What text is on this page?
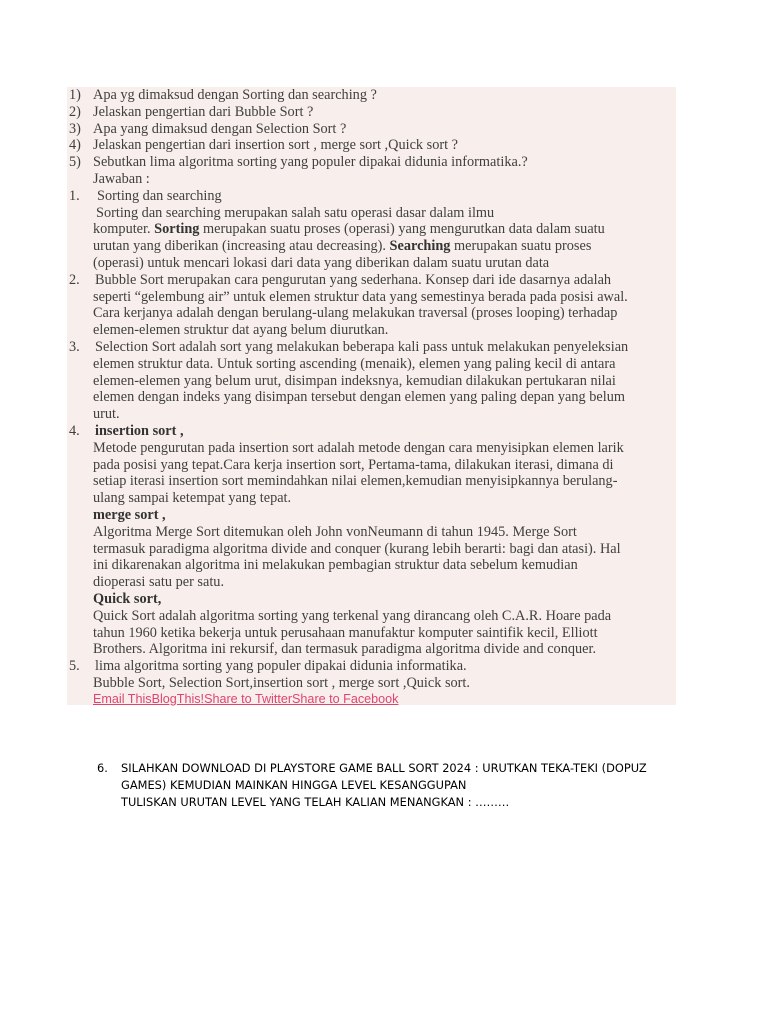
1) Apa yg dimaksud dengan Sorting dan searching ?
2) Jelaskan pengertian dari Bubble Sort ?
3) Apa yang dimaksud dengan Selection Sort ?
4) Jelaskan pengertian dari insertion sort , merge sort ,Quick sort ?
5) Sebutkan lima algoritma sorting yang populer dipakai didunia informatika.?
Jawaban :
1. Sorting dan searching
Sorting dan searching merupakan salah satu operasi dasar dalam ilmu
komputer. Sorting merupakan suatu proses (operasi) yang mengurutkan data dalam suatu
urutan yang diberikan (increasing atau decreasing). Searching merupakan suatu proses
(operasi) untuk mencari lokasi dari data yang diberikan dalam suatu urutan data
2. Bubble Sort merupakan cara pengurutan yang sederhana. Konsep dari ide dasarnya adalah
seperti “gelembung air” untuk elemen struktur data yang semestinya berada pada posisi awal.
Cara kerjanya adalah dengan berulang-ulang melakukan traversal (proses looping) terhadap
elemen-elemen struktur dat ayang belum diurutkan.
3. Selection Sort adalah sort yang melakukan beberapa kali pass untuk melakukan penyeleksian
elemen struktur data. Untuk sorting ascending (menaik), elemen yang paling kecil di antara
elemen-elemen yang belum urut, disimpan indeksnya, kemudian dilakukan pertukaran nilai
elemen dengan indeks yang disimpan tersebut dengan elemen yang paling depan yang belum
urut.
4. insertion sort ,
Metode pengurutan pada insertion sort adalah metode dengan cara menyisipkan elemen larik
pada posisi yang tepat.Cara kerja insertion sort, Pertama-tama, dilakukan iterasi, dimana di
setiap iterasi insertion sort memindahkan nilai elemen,kemudian menyisipkannya berulang-
ulang sampai ketempat yang tepat.
merge sort ,
Algoritma Merge Sort ditemukan oleh John vonNeumann di tahun 1945. Merge Sort
termasuk paradigma algoritma divide and conquer (kurang lebih berarti: bagi dan atasi). Hal
ini dikarenakan algoritma ini melakukan pembagian struktur data sebelum kemudian
dioperasi satu per satu.
Quick sort,
Quick Sort adalah algoritma sorting yang terkenal yang dirancang oleh C.A.R. Hoare pada
tahun 1960 ketika bekerja untuk perusahaan manufaktur komputer saintifik kecil, Elliott
Brothers. Algoritma ini rekursif, dan termasuk paradigma algoritma divide and conquer.
5. lima algoritma sorting yang populer dipakai didunia informatika.
Bubble Sort, Selection Sort,insertion sort , merge sort ,Quick sort.
Email ThisBlogThis!Share to TwitterShare to Facebook
6.	SILAHKAN DOWNLOAD DI PLAYSTORE GAME BALL SORT 2024 : URUTKAN TEKA-TEKI (DOPUZ
GAMES) KEMUDIAN MAINKAN HINGGA LEVEL KESANGGUPAN
TULISKAN URUTAN LEVEL YANG TELAH KALIAN MENANGKAN : ………
